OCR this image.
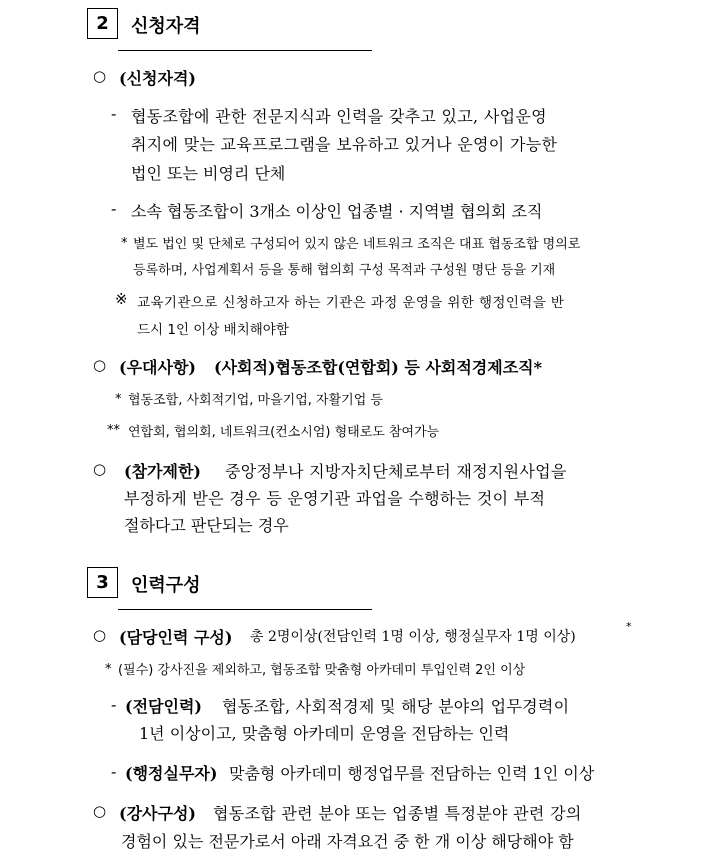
2	신청자격
○ (신청자격)
- 협동조합에 관한 전문지식과 인력을 갖추고 있고, 사업운영
취지에 맞는 교육프로그램을 보유하고 있거나 운영이 가능한
법인 또는 비영리 단체
- 소속 협동조합이 3개소 이상인 업종별 · 지역별 협의회 조직
* 별도 법인 및 단체로 구성되어 있지 않은 네트워크 조직은 대표 협동조합 명의로
등록하며, 사업계획서 등을 통해 협의회 구성 목적과 구성원 명단 등을 기재
※ 교육기관으로 신청하고자 하는 기관은 과정 운영을 위한 행정인력을 반
드시 1인 이상 배치해야함
○ (우대사항) (사회적)협동조합(연합회) 등 사회적경제조직*
* 협동조합, 사회적기업, 마을기업, 자활기업 등
** 연합회, 협의회, 네트워크(컨소시엄) 형태로도 참여가능
○ (참가제한) 중앙정부나 지방자치단체로부터 재정지원사업을
부정하게 받은 경우 등 운영기관 과업을 수행하는 것이 부적
절하다고 판단되는 경우
3	인력구성
○ (담당인력 구성) 총 2명이상(전담인력 1명 이상, 행정실무자 1명 이상)
*
* (필수) 강사진을 제외하고, 협동조합 맞춤형 아카데미 투입인력 2인 이상
- (전담인력) 협동조합, 사회적경제 및 해당 분야의 업무경력이
1년 이상이고, 맞춤형 아카데미 운영을 전담하는 인력
- (행정실무자) 맞춤형 아카데미 행정업무를 전담하는 인력 1인 이상
○ (강사구성) 협동조합 관련 분야 또는 업종별 특정분야 관련 강의
경험이 있는 전문가로서 아래 자격요건 중 한 개 이상 해당해야 함
